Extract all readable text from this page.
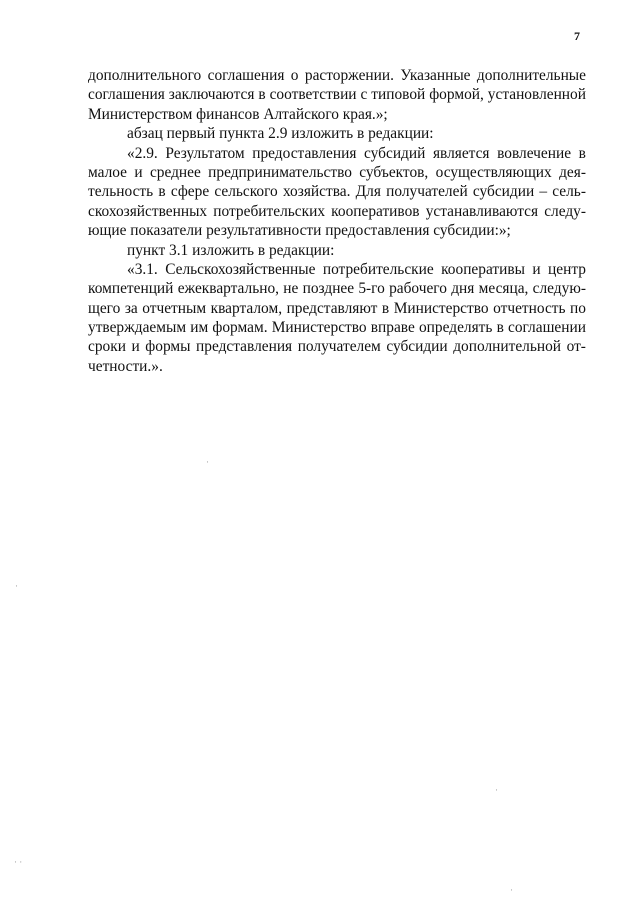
7
дополнительного соглашения о расторжении. Указанные дополнительные
соглашения заключаются в соответствии с типовой формой, установленной
Министерством финансов Алтайского края.»;
абзац первый пункта 2.9 изложить в редакции:
«2.9. Результатом предоставления субсидий является вовлечение в
малое и среднее предпринимательство субъектов, осуществляющих дея-
тельность в сфере сельского хозяйства. Для получателей субсидии – сель-
скохозяйственных потребительских кооперативов устанавливаются следу-
ющие показатели результативности предоставления субсидии:»;
пункт 3.1 изложить в редакции:
«3.1. Сельскохозяйственные потребительские кооперативы и центр
компетенций ежеквартально, не позднее 5-го рабочего дня месяца, следую-
щего за отчетным кварталом, представляют в Министерство отчетность по
утверждаемым им формам. Министерство вправе определять в соглашении
сроки и формы представления получателем субсидии дополнительной от-
четности.».
·
·
·
· ·
·
